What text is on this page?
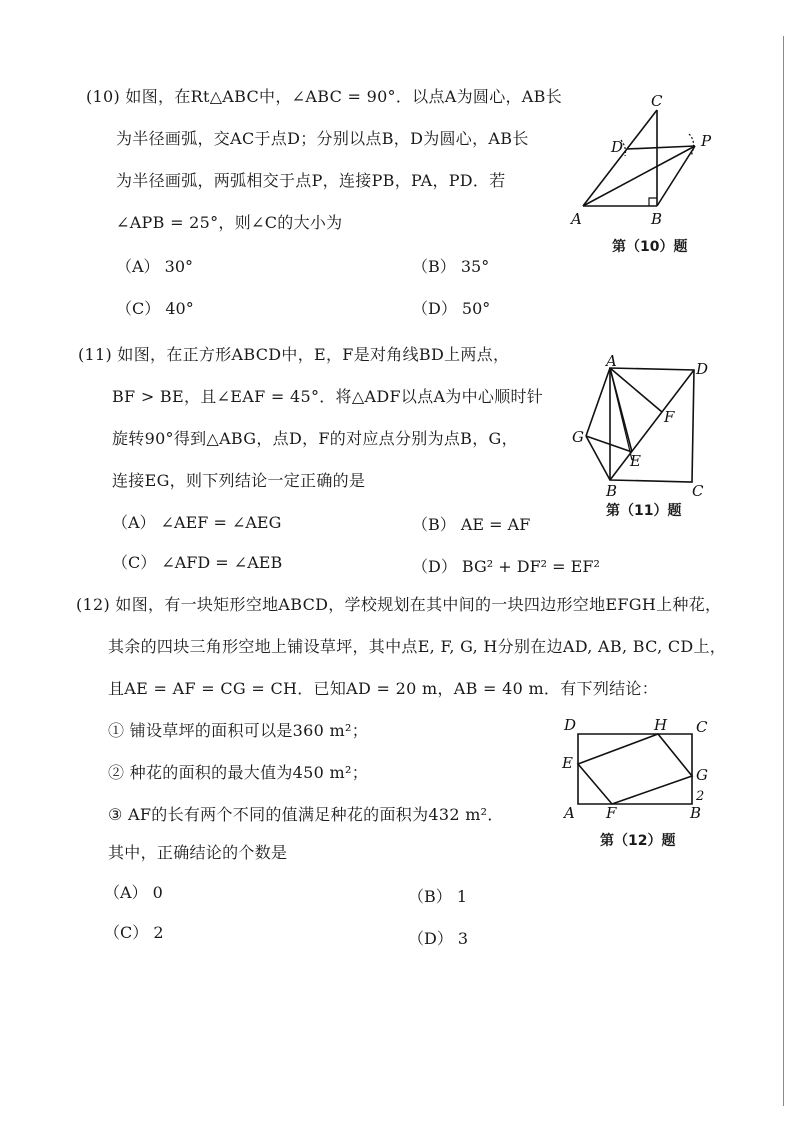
(10) 如图，在Rt△ABC中，∠ABC = 90°．以点A为圆心，AB长
为半径画弧，交AC于点D；分别以点B，D为圆心，AB长
为半径画弧，两弧相交于点P，连接PB，PA，PD．若
∠APB = 25°，则∠C的大小为
（A） 30°	（B） 35°
（C） 40°	（D） 50°
C
D	P
A	B
第（10）题
(11) 如图，在正方形ABCD中，E，F是对角线BD上两点，
BF > BE，且∠EAF = 45°．将△ADF以点A为中心顺时针
旋转90°得到△ABG，点D，F的对应点分别为点B，G，
连接EG，则下列结论一定正确的是
（A） ∠AEF = ∠AEG	（B） AE = AF
（C） ∠AFD = ∠AEB	（D） BG² + DF² = EF²
A	D
F
G
E
B	C
第（11）题
(12) 如图，有一块矩形空地ABCD，学校规划在其中间的一块四边形空地EFGH上种花，
其余的四块三角形空地上铺设草坪，其中点E, F, G, H分别在边AD, AB, BC, CD上，
且AE = AF = CG = CH．已知AD = 20 m，AB = 40 m．有下列结论：
① 铺设草坪的面积可以是360 m²；
② 种花的面积的最大值为450 m²；
③ AF的长有两个不同的值满足种花的面积为432 m²．
其中，正确结论的个数是
（A） 0	（B） 1
（C） 2	（D） 3
D	H C
E
G
2
A F	B
第（12）题
